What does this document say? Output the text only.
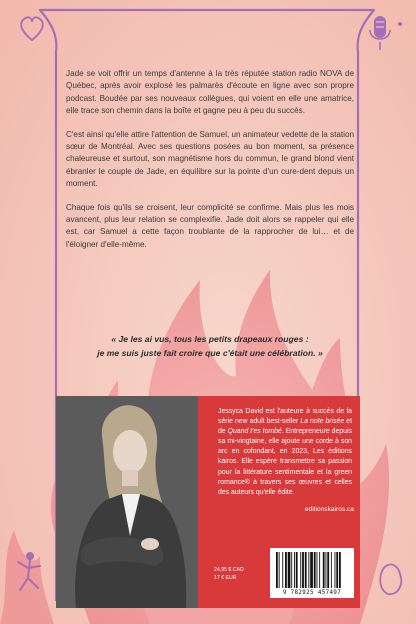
Jade se voit offrir un temps d'antenne à la très réputée station radio NOVA de Québec, après avoir explosé les palmarès d'écoute en ligne avec son propre podcast. Boudée par ses nouveaux collègues, qui voient en elle une amatrice, elle trace son chemin dans la boîte et gagne peu à peu du succès.

C'est ainsi qu'elle attire l'attention de Samuel, un animateur vedette de la station sœur de Montréal. Avec ses questions posées au bon moment, sa présence chaleureuse et surtout, son magnétisme hors du commun, le grand blond vient ébranler le couple de Jade, en équilibre sur la pointe d'un cure-dent depuis un moment.

Chaque fois qu'ils se croisent, leur complicité se confirme. Mais plus les mois avancent, plus leur relation se complexifie. Jade doit alors se rappeler qui elle est, car Samuel a cette façon troublante de la rapprocher de lui… et de l'éloigner d'elle-même.

« Je les ai vus, tous les petits drapeaux rouges :
je me suis juste fait croire que c'était une célébration. »
Jessyca David est l'auteure à succès de la série new adult best-seller La note brisée et de Quand t'es tombé. Entrepreneure depuis sa mi-vingtaine, elle ajoute une corde à son arc en cofondant, en 2023, Les éditions kairos. Elle espère transmettre sa passion pour la littérature sentimentale et la green romance® à travers ses œuvres et celles des auteurs qu'elle édite.
editionskairos.ca
24,95 $ CAD
17 € EUR
9 782925 457497
